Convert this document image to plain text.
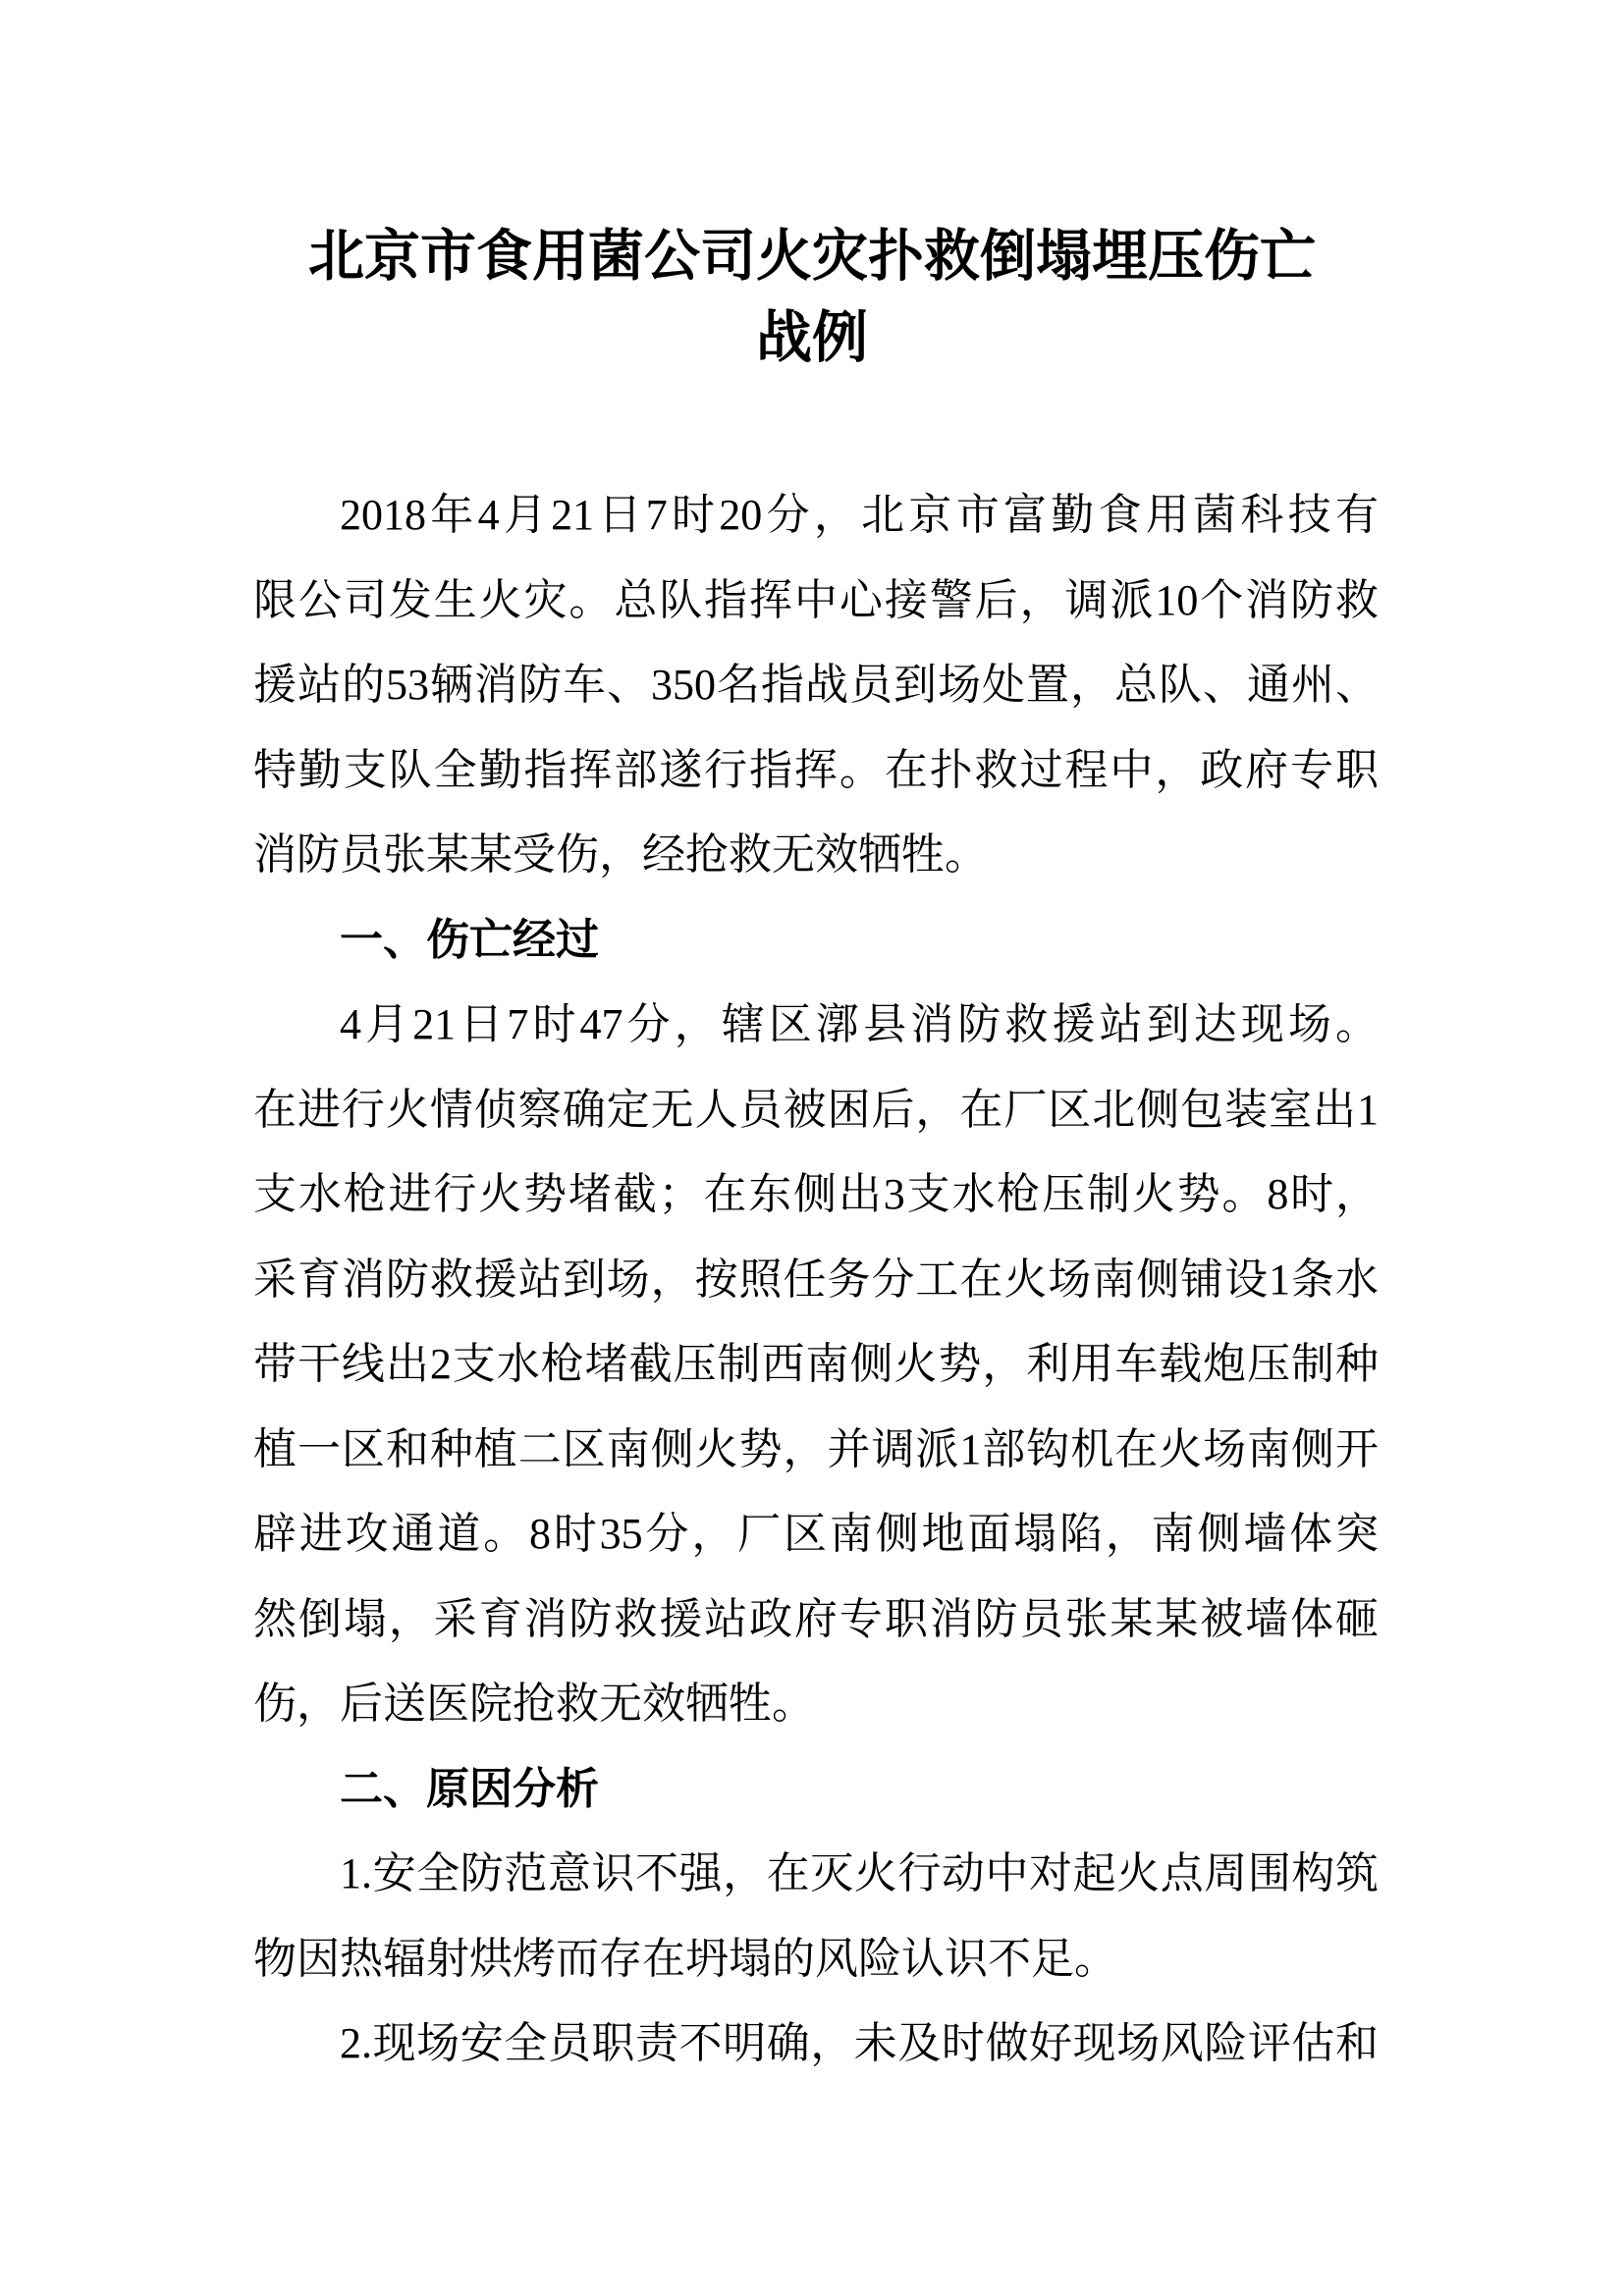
北京市食用菌公司火灾扑救倒塌埋压伤亡
战例
2018年4月21日7时20分，北京市富勤食用菌科技有
限公司发生火灾。总队指挥中心接警后，调派10个消防救
援站的53辆消防车、350名指战员到场处置，总队、通州、
特勤支队全勤指挥部遂行指挥。在扑救过程中，政府专职
消防员张某某受伤，经抢救无效牺牲。
一、伤亡经过
4月21日7时47分，辖区漷县消防救援站到达现场。
在进行火情侦察确定无人员被困后，在厂区北侧包装室出1
支水枪进行火势堵截；在东侧出3支水枪压制火势。8时，
采育消防救援站到场，按照任务分工在火场南侧铺设1条水
带干线出2支水枪堵截压制西南侧火势，利用车载炮压制种
植一区和种植二区南侧火势，并调派1部钩机在火场南侧开
辟进攻通道。8时35分，厂区南侧地面塌陷，南侧墙体突
然倒塌，采育消防救援站政府专职消防员张某某被墙体砸
伤，后送医院抢救无效牺牲。
二、原因分析
1.安全防范意识不强，在灭火行动中对起火点周围构筑
物因热辐射烘烤而存在坍塌的风险认识不足。
2.现场安全员职责不明确，未及时做好现场风险评估和
